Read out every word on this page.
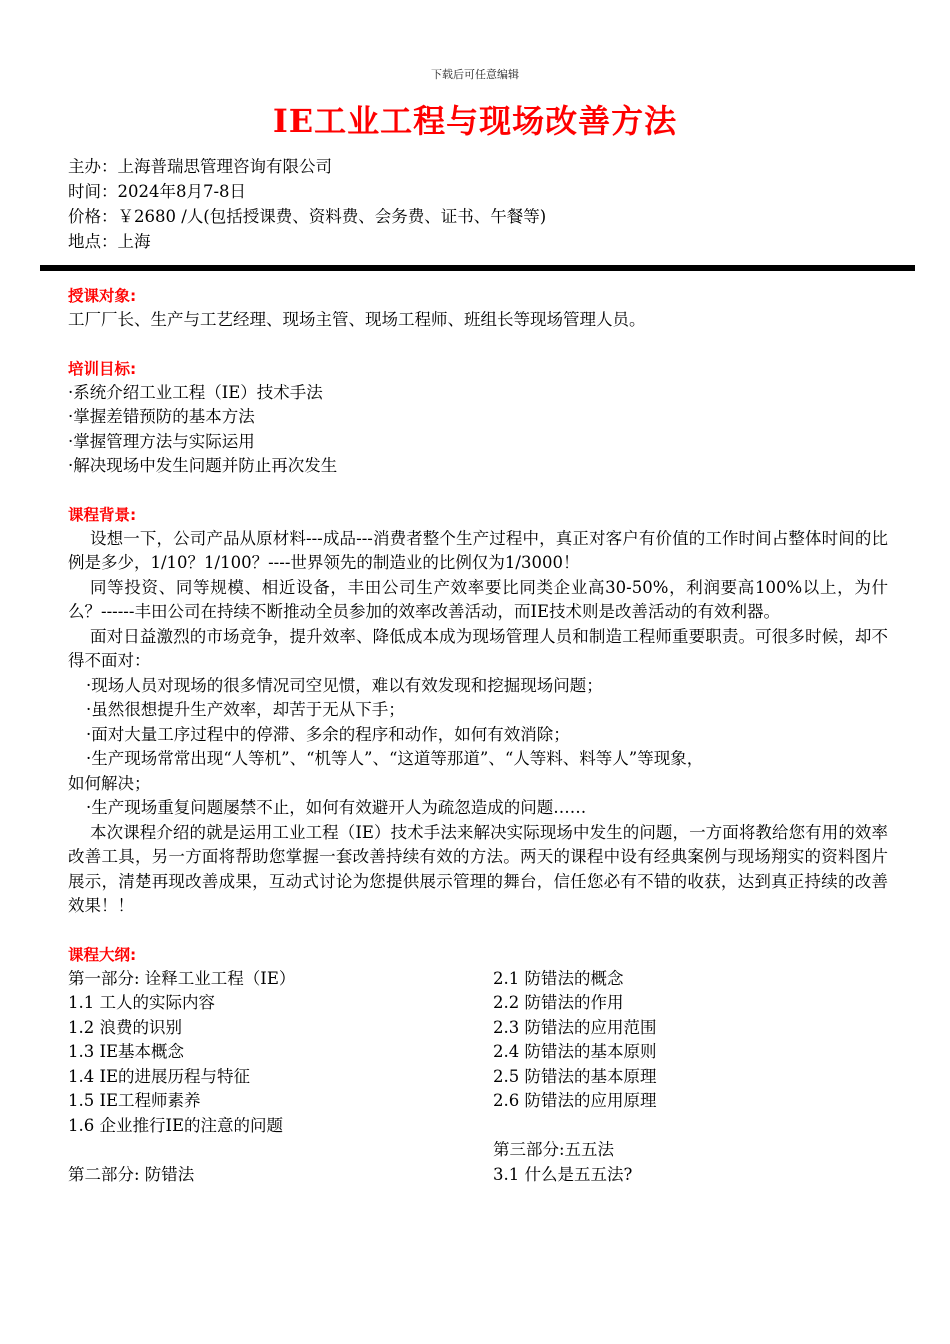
下载后可任意编辑
IE工业工程与现场改善方法
主办：上海普瑞思管理咨询有限公司
时间：2024年8月7-8日
价格：￥2680 /人(包括授课费、资料费、会务费、证书、午餐等)
地点：上海
授课对象:
工厂厂长、生产与工艺经理、现场主管、现场工程师、班组长等现场管理人员。
培训目标:
·系统介绍工业工程（IE）技术手法
·掌握差错预防的基本方法
·掌握管理方法与实际运用
·解决现场中发生问题并防止再次发生
课程背景:
设想一下，公司产品从原材料---成品---消费者整个生产过程中，真正对客户有价值的工作时间占整体时间的比例是多少，1/10？1/100？----世界领先的制造业的比例仅为1/3000！
同等投资、同等规模、相近设备，丰田公司生产效率要比同类企业高30-50%，利润要高100%以上，为什么？------丰田公司在持续不断推动全员参加的效率改善活动，而IE技术则是改善活动的有效利器。
面对日益激烈的市场竞争，提升效率、降低成本成为现场管理人员和制造工程师重要职责。可很多时候，却不得不面对：
·现场人员对现场的很多情况司空见惯，难以有效发现和挖掘现场问题；
·虽然很想提升生产效率，却苦于无从下手；
·面对大量工序过程中的停滞、多余的程序和动作，如何有效消除；
·生产现场常常出现“人等机”、“机等人”、“这道等那道”、“人等料、料等人”等现象，
如何解决；
·生产现场重复问题屡禁不止，如何有效避开人为疏忽造成的问题……
本次课程介绍的就是运用工业工程（IE）技术手法来解决实际现场中发生的问题，一方面将教给您有用的效率改善工具，另一方面将帮助您掌握一套改善持续有效的方法。两天的课程中设有经典案例与现场翔实的资料图片展示，清楚再现改善成果，互动式讨论为您提供展示管理的舞台，信任您必有不错的收获，达到真正持续的改善效果！！
课程大纲:
第一部分: 诠释工业工程（IE）
1.1 工人的实际内容
1.2 浪费的识别
1.3 IE基本概念
1.4 IE的进展历程与特征
1.5 IE工程师素养
1.6 企业推行IE的注意的问题
第二部分: 防错法
2.1 防错法的概念
2.2 防错法的作用
2.3 防错法的应用范围
2.4 防错法的基本原则
2.5 防错法的基本原理
2.6 防错法的应用原理
第三部分:五五法
3.1 什么是五五法?
